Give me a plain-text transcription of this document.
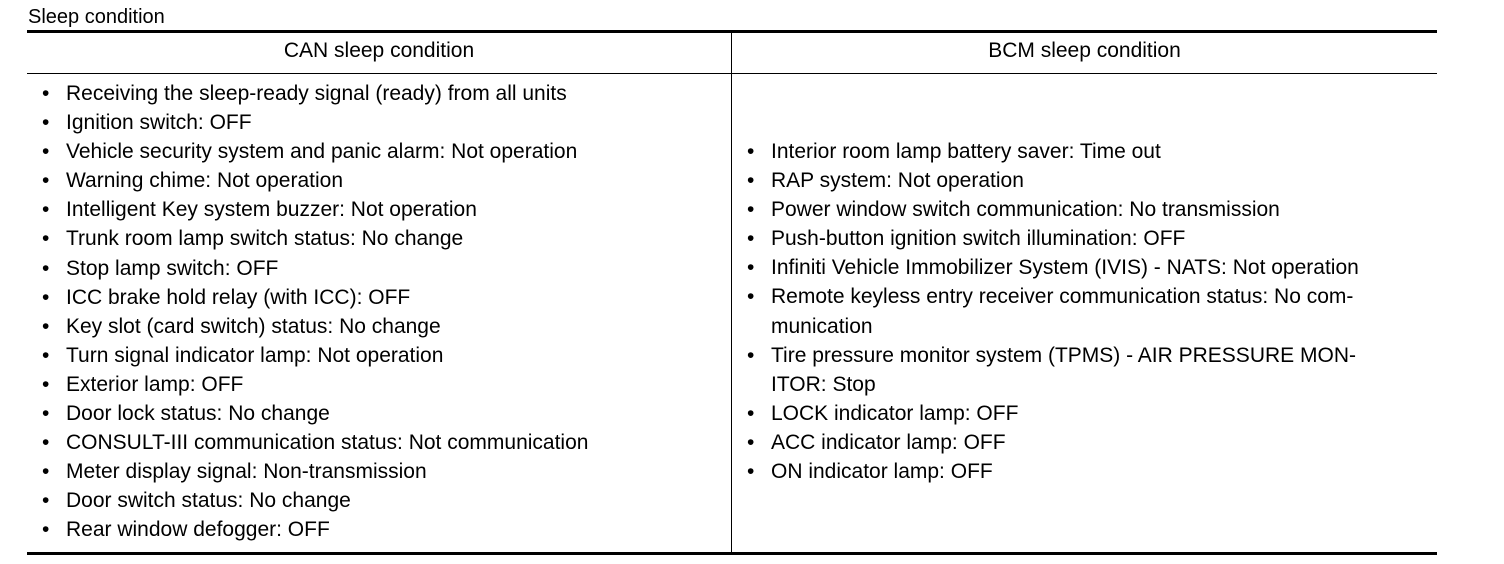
Sleep condition
CAN sleep condition	BCM sleep condition
• Receiving the sleep-ready signal (ready) from all units
• Ignition switch: OFF
• Vehicle security system and panic alarm: Not operation
• Warning chime: Not operation
• Intelligent Key system buzzer: Not operation
• Trunk room lamp switch status: No change
• Stop lamp switch: OFF
• ICC brake hold relay (with ICC): OFF
• Key slot (card switch) status: No change
• Turn signal indicator lamp: Not operation
• Exterior lamp: OFF
• Door lock status: No change
• CONSULT-III communication status: Not communication
• Meter display signal: Non-transmission
• Door switch status: No change
• Rear window defogger: OFF
• Interior room lamp battery saver: Time out
• RAP system: Not operation
• Power window switch communication: No transmission
• Push-button ignition switch illumination: OFF
• Infiniti Vehicle Immobilizer System (IVIS) - NATS: Not operation
• Remote keyless entry receiver communication status: No com-
munication
• Tire pressure monitor system (TPMS) - AIR PRESSURE MON-
ITOR: Stop
• LOCK indicator lamp: OFF
• ACC indicator lamp: OFF
• ON indicator lamp: OFF
